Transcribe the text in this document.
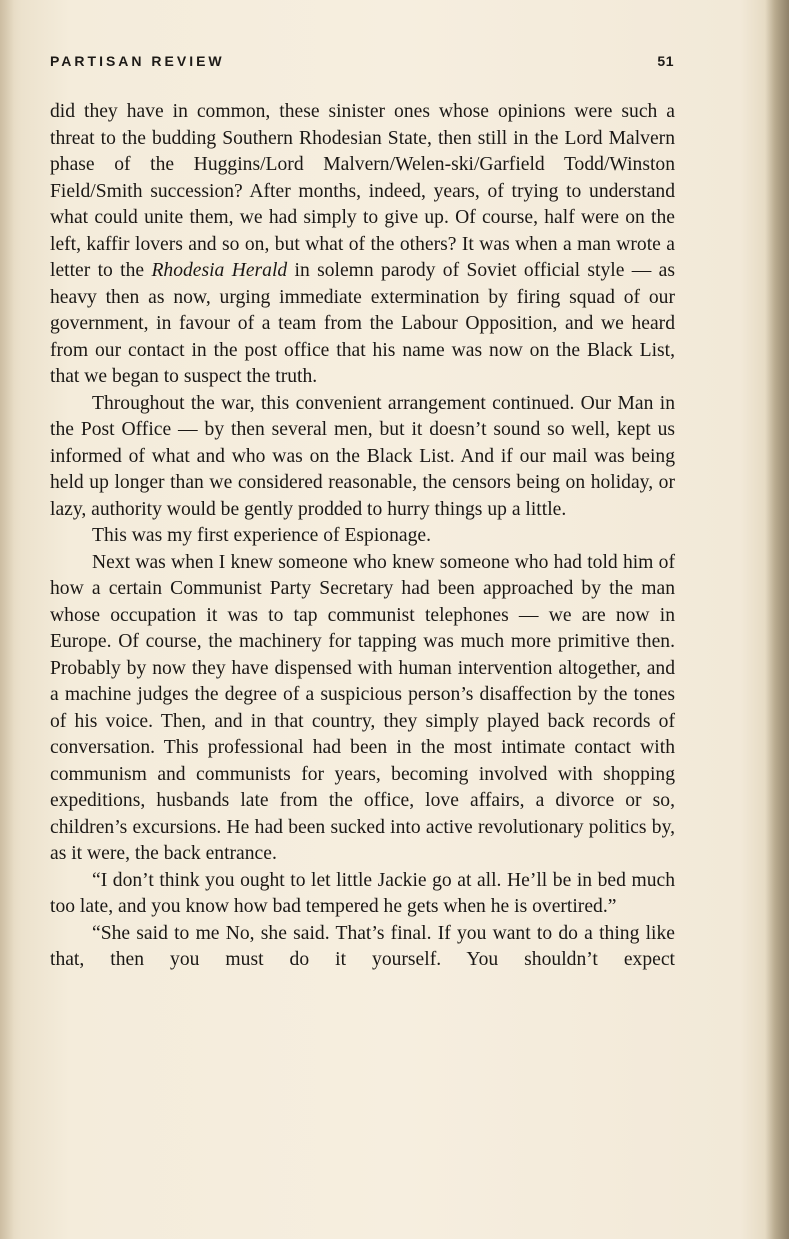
PARTISAN REVIEW	51

did they have in common, these sinister ones whose opinions were such a threat to the budding Southern Rhodesian State, then still in the Lord Malvern phase of the Huggins/Lord Malvern/Welen-ski/Garfield Todd/Winston Field/Smith succession? After months, indeed, years, of trying to understand what could unite them, we had simply to give up. Of course, half were on the left, kaffir lovers and so on, but what of the others? It was when a man wrote a letter to the Rhodesia Herald in solemn parody of Soviet official style — as heavy then as now, urging immediate extermination by firing squad of our government, in favour of a team from the Labour Opposition, and we heard from our contact in the post office that his name was now on the Black List, that we began to suspect the truth.

Throughout the war, this convenient arrangement continued. Our Man in the Post Office — by then several men, but it doesn’t sound so well, kept us informed of what and who was on the Black List. And if our mail was being held up longer than we considered reasonable, the censors being on holiday, or lazy, authority would be gently prodded to hurry things up a little.

This was my first experience of Espionage.

Next was when I knew someone who knew someone who had told him of how a certain Communist Party Secretary had been approached by the man whose occupation it was to tap communist telephones — we are now in Europe. Of course, the machinery for tapping was much more primitive then. Probably by now they have dispensed with human intervention altogether, and a machine judges the degree of a suspicious person’s disaffection by the tones of his voice. Then, and in that country, they simply played back records of conversation. This professional had been in the most intimate contact with communism and communists for years, becoming involved with shopping expeditions, husbands late from the office, love affairs, a divorce or so, children’s excursions. He had been sucked into active revolutionary politics by, as it were, the back entrance.

“I don’t think you ought to let little Jackie go at all. He’ll be in bed much too late, and you know how bad tempered he gets when he is overtired.”

“She said to me No, she said. That’s final. If you want to do a thing like that, then you must do it yourself. You shouldn’t expect
